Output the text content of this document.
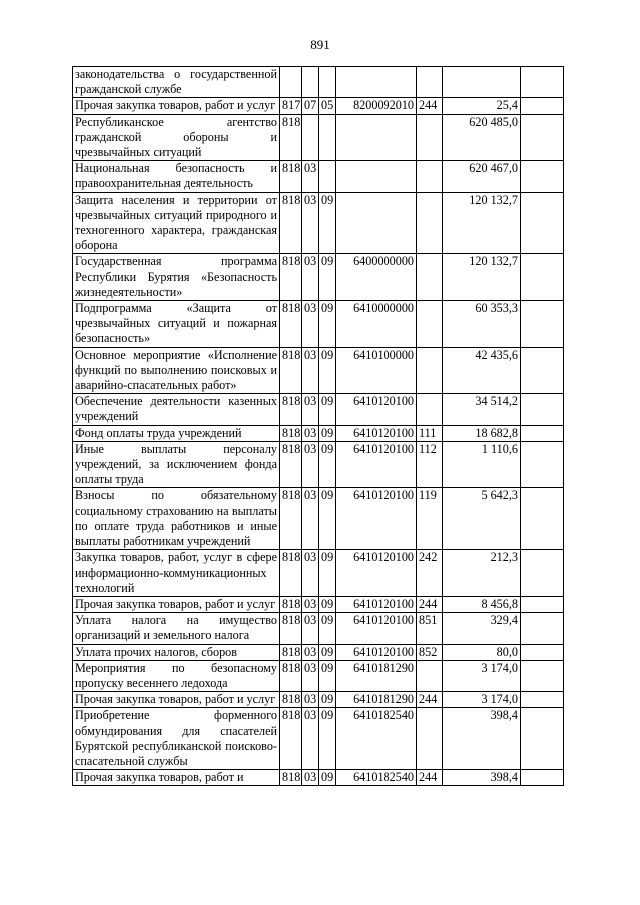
891
законодательства о государственной гражданской службе							
Прочая закупка товаров, работ и услуг	817	07	05	8200092010	244	25,4	
Республиканское агентство гражданской обороны и чрезвычайных ситуаций	818					620 485,0	
Национальная безопасность и правоохранительная деятельность	818	03				620 467,0	
Защита населения и территории от чрезвычайных ситуаций природного и техногенного характера, гражданская оборона	818	03	09			120 132,7	
Государственная программа Республики Бурятия «Безопасность жизнедеятельности»	818	03	09	6400000000		120 132,7	
Подпрограмма «Защита от чрезвычайных ситуаций и пожарная безопасность»	818	03	09	6410000000		60 353,3	
Основное мероприятие «Исполнение функций по выполнению поисковых и аварийно-спасательных работ»	818	03	09	6410100000		42 435,6	
Обеспечение деятельности казенных учреждений	818	03	09	6410120100		34 514,2	
Фонд оплаты труда учреждений	818	03	09	6410120100	111	18 682,8	
Иные выплаты персоналу учреждений, за исключением фонда оплаты труда	818	03	09	6410120100	112	1 110,6	
Взносы по обязательному социальному страхованию на выплаты по оплате труда работников и иные выплаты работникам учреждений	818	03	09	6410120100	119	5 642,3	
Закупка товаров, работ, услуг в сфере информационно-коммуникационных технологий	818	03	09	6410120100	242	212,3	
Прочая закупка товаров, работ и услуг	818	03	09	6410120100	244	8 456,8	
Уплата налога на имущество организаций и земельного налога	818	03	09	6410120100	851	329,4	
Уплата прочих налогов, сборов	818	03	09	6410120100	852	80,0	
Мероприятия по безопасному пропуску весеннего ледохода	818	03	09	6410181290		3 174,0	
Прочая закупка товаров, работ и услуг	818	03	09	6410181290	244	3 174,0	
Приобретение форменного обмундирования для спасателей Бурятской республиканской поисково-спасательной службы	818	03	09	6410182540		398,4	
Прочая закупка товаров, работ и	818	03	09	6410182540	244	398,4	
